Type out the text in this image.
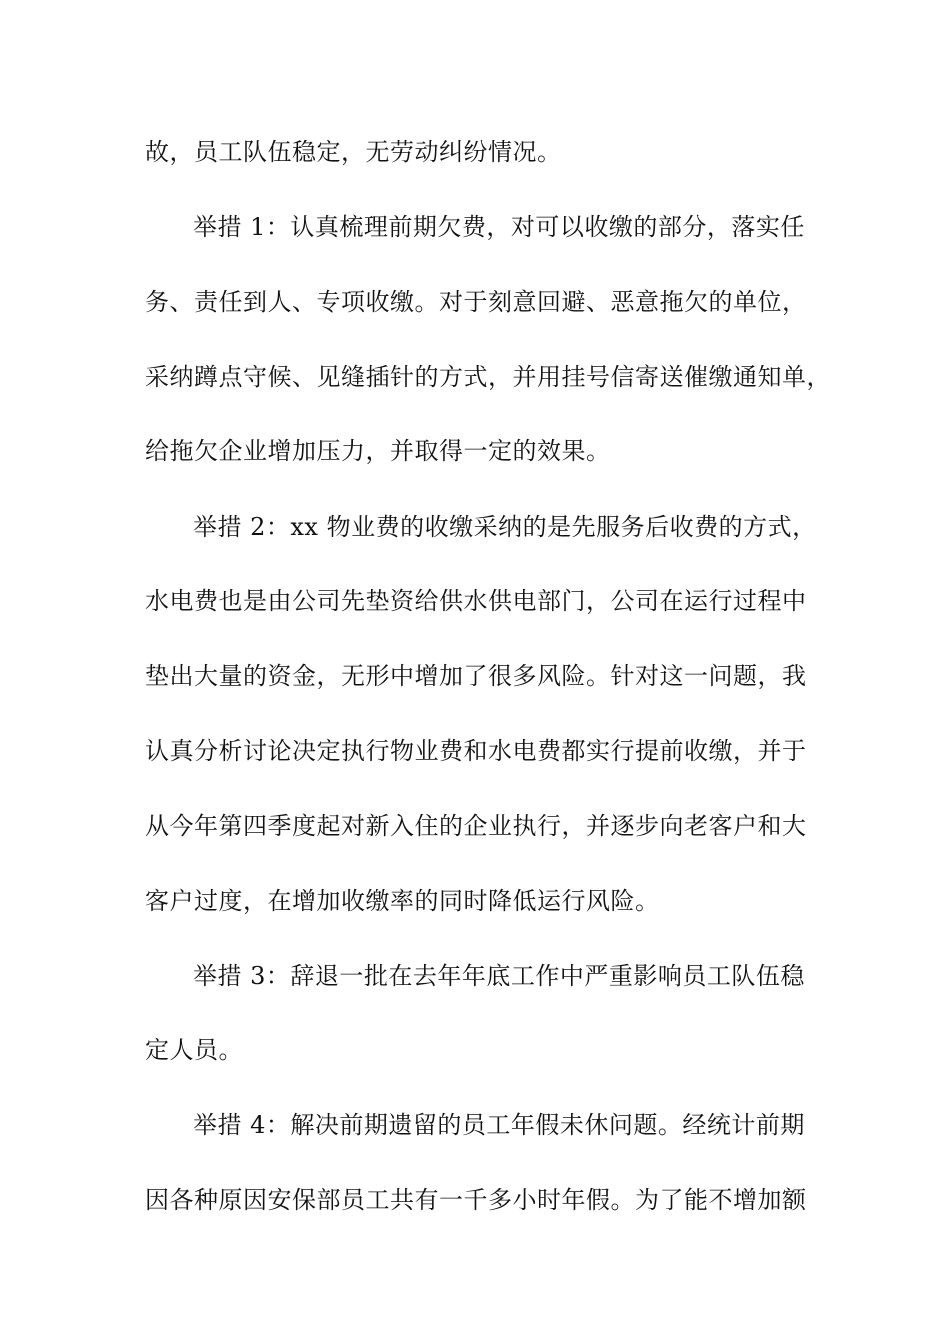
故，员工队伍稳定，无劳动纠纷情况。
举措 1：认真梳理前期欠费，对可以收缴的部分，落实任
务、责任到人、专项收缴。对于刻意回避、恶意拖欠的单位，
采纳蹲点守候、见缝插针的方式，并用挂号信寄送催缴通知单，
给拖欠企业增加压力，并取得一定的效果。
举措 2：xx 物业费的收缴采纳的是先服务后收费的方式，
水电费也是由公司先垫资给供水供电部门，公司在运行过程中
垫出大量的资金，无形中增加了很多风险。针对这一问题，我
认真分析讨论决定执行物业费和水电费都实行提前收缴，并于
从今年第四季度起对新入住的企业执行，并逐步向老客户和大
客户过度，在增加收缴率的同时降低运行风险。
举措 3：辞退一批在去年年底工作中严重影响员工队伍稳
定人员。
举措 4：解决前期遗留的员工年假未休问题。经统计前期
因各种原因安保部员工共有一千多小时年假。为了能不增加额
